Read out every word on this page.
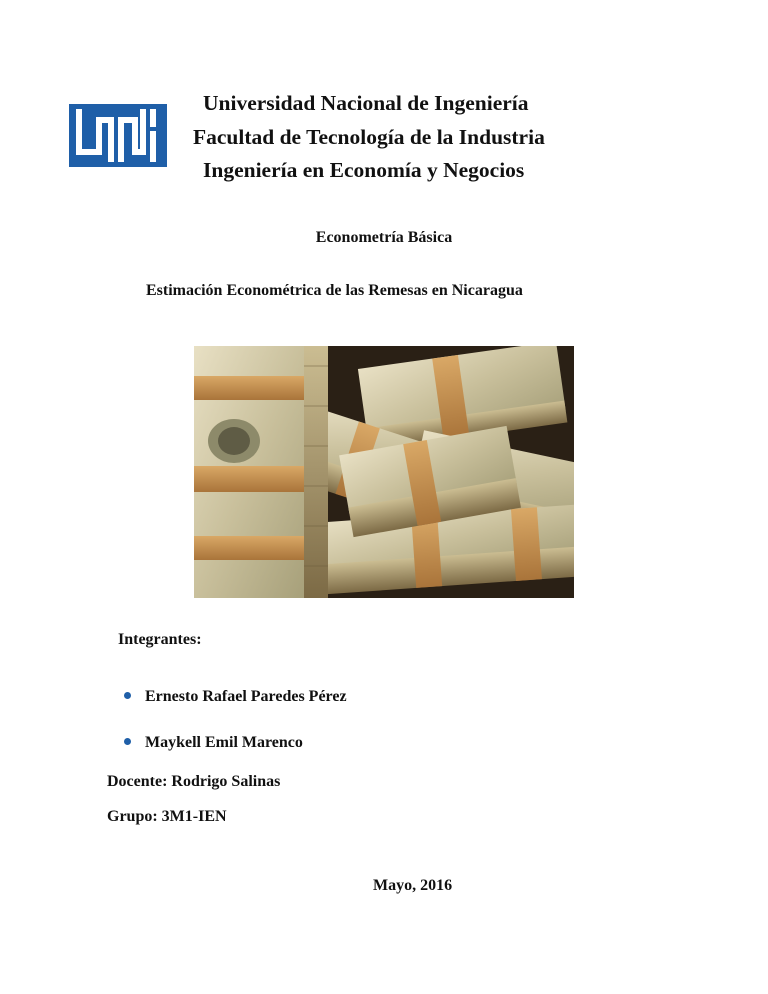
Universidad Nacional de Ingeniería
Facultad de Tecnología de la Industria
Ingeniería en Economía y Negocios
Econometría Básica
Estimación Econométrica de las Remesas en Nicaragua
Integrantes:
Ernesto Rafael Paredes Pérez
Maykell Emil Marenco
Docente: Rodrigo Salinas
Grupo: 3M1-IEN
Mayo, 2016
